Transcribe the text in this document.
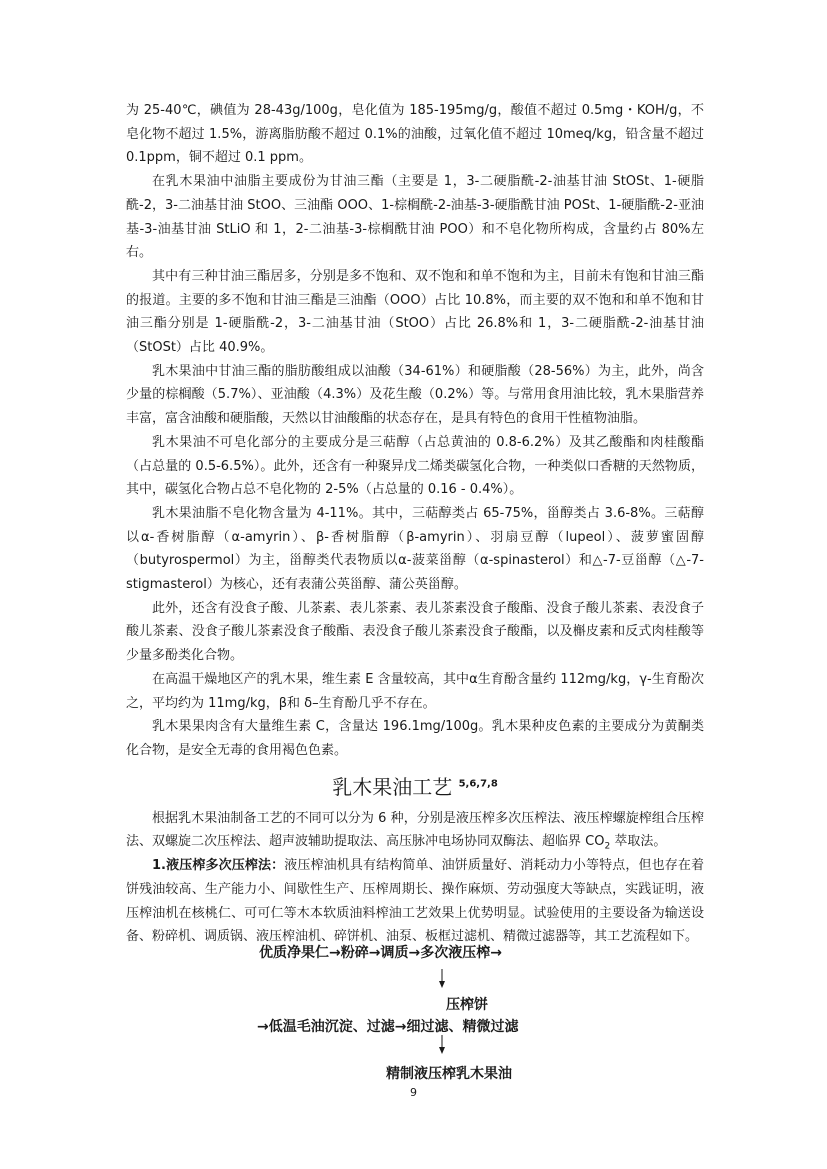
为 25-40℃，碘值为 28-43g/100g，皂化值为 185-195mg/g，酸值不超过 0.5mg・KOH/g，不皂化物不超过 1.5%，游离脂肪酸不超过 0.1%的油酸，过氧化值不超过 10meq/kg，铅含量不超过 0.1ppm，铜不超过 0.1 ppm。

在乳木果油中油脂主要成份为甘油三酯（主要是 1，3-二硬脂酰-2-油基甘油 StOSt、1-硬脂酰-2，3-二油基甘油 StOO、三油酯 OOO、1-棕榈酰-2-油基-3-硬脂酰甘油 POSt、1-硬脂酰-2-亚油基-3-油基甘油 StLiO 和 1，2-二油基-3-棕榈酰甘油 POO）和不皂化物所构成，含量约占 80%左右。

其中有三种甘油三酯居多，分别是多不饱和、双不饱和和单不饱和为主，目前未有饱和甘油三酯的报道。主要的多不饱和甘油三酯是三油酯（OOO）占比 10.8%，而主要的双不饱和和单不饱和甘油三酯分别是 1-硬脂酰-2，3-二油基甘油（StOO）占比 26.8%和 1，3-二硬脂酰-2-油基甘油（StOSt）占比 40.9%。

乳木果油中甘油三酯的脂肪酸组成以油酸（34-61%）和硬脂酸（28-56%）为主，此外，尚含少量的棕榈酸（5.7%）、亚油酸（4.3%）及花生酸（0.2%）等。与常用食用油比较，乳木果脂营养丰富，富含油酸和硬脂酸，天然以甘油酸酯的状态存在，是具有特色的食用干性植物油脂。

乳木果油不可皂化部分的主要成分是三萜醇（占总黄油的 0.8-6.2%）及其乙酸酯和肉桂酸酯（占总量的 0.5-6.5%）。此外，还含有一种聚异戊二烯类碳氢化合物，一种类似口香糖的天然物质，其中，碳氢化合物占总不皂化物的 2-5%（占总量的 0.16 - 0.4%）。

乳木果油脂不皂化物含量为 4-11%。其中，三萜醇类占 65-75%，甾醇类占 3.6-8%。三萜醇以α-香树脂醇（α-amyrin）、β-香树脂醇（β-amyrin）、羽扇豆醇（lupeol）、菠萝蜜固醇（butyrospermol）为主，甾醇类代表物质以α-菠菜甾醇（α-spinasterol）和△-7-豆甾醇（△-7-stigmasterol）为核心，还有表蒲公英甾醇、蒲公英甾醇。

此外，还含有没食子酸、儿茶素、表儿茶素、表儿茶素没食子酸酯、没食子酸儿茶素、表没食子酸儿茶素、没食子酸儿茶素没食子酸酯、表没食子酸儿茶素没食子酸酯，以及槲皮素和反式肉桂酸等少量多酚类化合物。

在高温干燥地区产的乳木果，维生素 E 含量较高，其中α生育酚含量约 112mg/kg，γ-生育酚次之，平均约为 11mg/kg，β和 δ–生育酚几乎不存在。

乳木果果肉含有大量维生素 C，含量达 196.1mg/100g。乳木果种皮色素的主要成分为黄酮类化合物，是安全无毒的食用褐色色素。

乳木果油工艺 $^{5,6,7,8}$

根据乳木果油制备工艺的不同可以分为 6 种，分别是液压榨多次压榨法、液压榨螺旋榨组合压榨法、双螺旋二次压榨法、超声波辅助提取法、高压脉冲电场协同双酶法、超临界 $CO_2$ 萃取法。

1.液压榨多次压榨法：液压榨油机具有结构简单、油饼质量好、消耗动力小等特点，但也存在着饼残油较高、生产能力小、间歇性生产、压榨周期长、操作麻烦、劳动强度大等缺点，实践证明，液压榨油机在核桃仁、可可仁等木本软质油料榨油工艺效果上优势明显。试验使用的主要设备为输送设备、粉碎机、调质锅、液压榨油机、碎饼机、油泵、板框过滤机、精微过滤器等，其工艺流程如下。

优质净果仁→粉碎→调质→多次液压榨→
压榨饼
→低温毛油沉淀、过滤→细过滤、精微过滤
精制液压榨乳木果油
9
